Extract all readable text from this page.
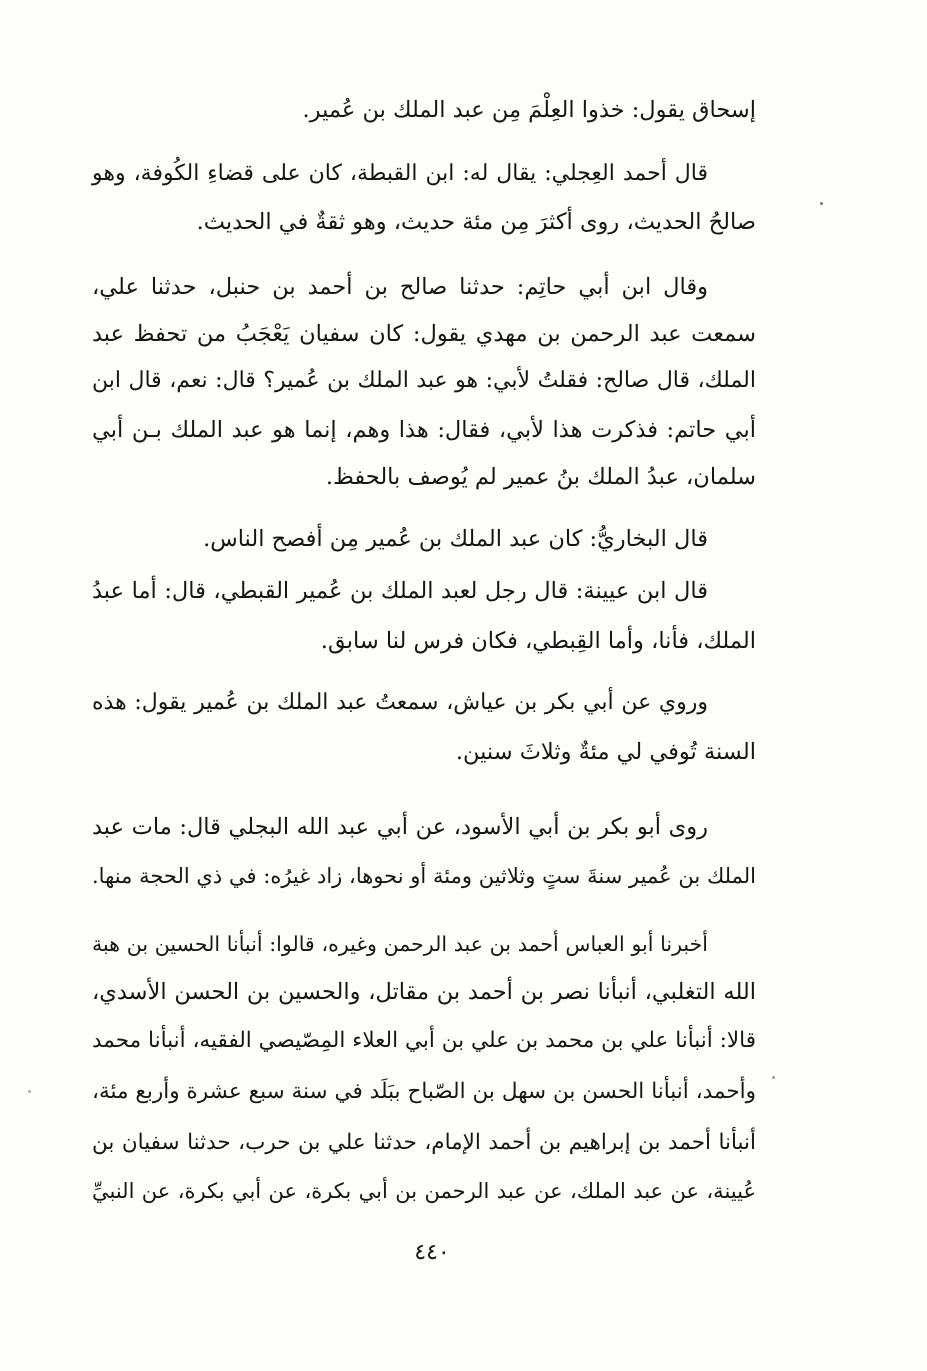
إسحاق يقول: خذوا العِلْمَ مِن عبد الملك بن عُمير.
قال أحمد العِجلي: يقال له: ابن القبطة، كان على قضاءِ الكُوفة، وهو
صالحُ الحديث، روى أكثرَ مِن مئة حديث، وهو ثقةٌ في الحديث.
وقال ابن أبي حاتِم: حدثنا صالح بن أحمد بن حنبل، حدثنا علي،
سمعت عبد الرحمن بن مهدي يقول: كان سفيان يَعْجَبُ من تحفظ عبد
الملك، قال صالح: فقلتُ لأبي: هو عبد الملك بن عُمير؟ قال: نعم، قال ابن
أبي حاتم: فذكرت هذا لأبي، فقال: هذا وهم، إنما هو عبد الملك بـن أبي
سلمان، عبدُ الملك بنُ عمير لم يُوصف بالحفظ.
قال البخاريُّ: كان عبد الملك بن عُمير مِن أفصح الناس.
قال ابن عيينة: قال رجل لعبد الملك بن عُمير القبطي، قال: أما عبدُ
الملك، فأنا، وأما القِبطي، فكان فرس لنا سابق.
وروي عن أبي بكر بن عياش، سمعتُ عبد الملك بن عُمير يقول: هذه
السنة تُوفي لي مئةٌ وثلاثَ سنين.
روى أبو بكر بن أبي الأسود، عن أبي عبد الله البجلي قال: مات عبد
الملك بن عُمير سنةَ ستٍ وثلاثين ومئة أو نحوها، زاد غيرُه: في ذي الحجة منها.
أخبرنا أبو العباس أحمد بن عبد الرحمن وغيره، قالوا: أنبأنا الحسين بن هبة
الله التغلبي، أنبأنا نصر بن أحمد بن مقاتل، والحسين بن الحسن الأسدي،
قالا: أنبأنا علي بن محمد بن علي بن أبي العلاء المِصّيصي الفقيه، أنبأنا محمد
وأحمد، أنبأنا الحسن بن سهل بن الصّباح ببَلَد في سنة سبع عشرة وأربع مئة،
أنبأنا أحمد بن إبراهيم بن أحمد الإمام، حدثنا علي بن حرب، حدثنا سفيان بن
عُيينة، عن عبد الملك، عن عبد الرحمن بن أبي بكرة، عن أبي بكرة، عن النبيِّ
٤٤٠
